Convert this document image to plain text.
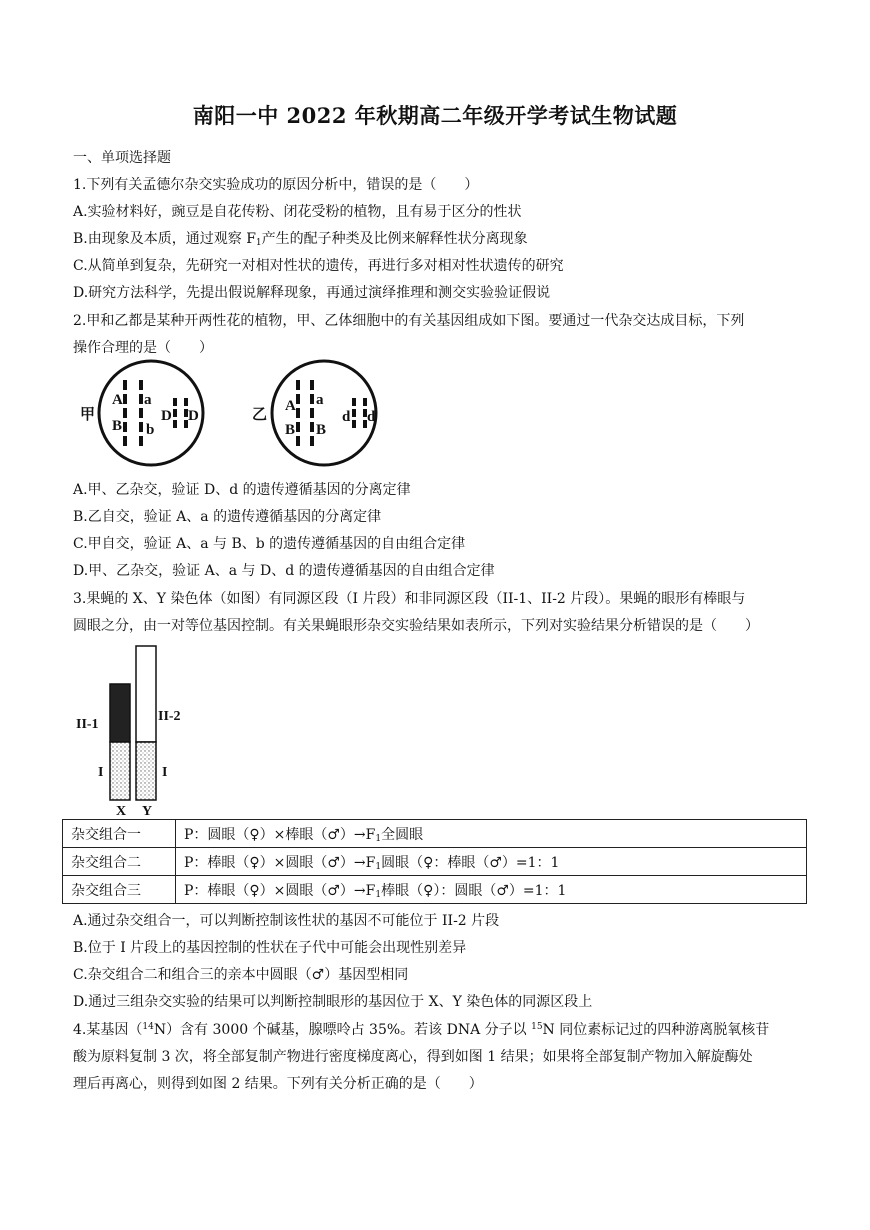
南阳一中 2022 年秋期高二年级开学考试生物试题
一、单项选择题
1.下列有关孟德尔杂交实验成功的原因分析中，错误的是（　　）
A.实验材料好，豌豆是自花传粉、闭花受粉的植物，且有易于区分的性状
B.由现象及本质，通过观察 $F_1$产生的配子种类及比例来解释性状分离现象
C.从简单到复杂，先研究一对相对性状的遗传，再进行多对相对性状遗传的研究
D.研究方法科学，先提出假说解释现象，再通过演绎推理和测交实验验证假说
2.甲和乙都是某种开两性花的植物，甲、乙体细胞中的有关基因组成如下图。要通过一代杂交达成目标，下列
操作合理的是（　　）
甲
A a
B b
D D	乙
A a
B B
d d
A.甲、乙杂交，验证 D、d 的遗传遵循基因的分离定律
B.乙自交，验证 A、a 的遗传遵循基因的分离定律
C.甲自交，验证 A、a 与 B、b 的遗传遵循基因的自由组合定律
D.甲、乙杂交，验证 A、a 与 D、d 的遗传遵循基因的自由组合定律
3.果蝇的 X、Y 染色体（如图）有同源区段（I 片段）和非同源区段（II-1、II-2 片段）。果蝇的眼形有棒眼与
圆眼之分，由一对等位基因控制。有关果蝇眼形杂交实验结果如表所示，下列对实验结果分析错误的是（　　）
II-1
II-2
I	I
X Y
杂交组合一	P：圆眼（♀）×棒眼$(♂)\to F_1$全圆眼
杂交组合二	P：棒眼（♀）×圆眼$(♂)\to F_1$圆眼（♀：棒眼（♂）=1：1
杂交组合三	P：棒眼（♀）×圆眼$(♂)\to F_1$棒眼（♀）：圆眼（♂）=1：1
A.通过杂交组合一，可以判断控制该性状的基因不可能位于 II-2 片段
B.位于 I 片段上的基因控制的性状在子代中可能会出现性别差异
C.杂交组合二和组合三的亲本中圆眼（♂）基因型相同
D.通过三组杂交实验的结果可以判断控制眼形的基因位于 X、Y 染色体的同源区段上
4.某基因（$^{14}$N）含有 3000 个碱基，腺嘌呤占 35%。若该 DNA 分子以 $^{15}$N 同位素标记过的四种游离脱氧核苷
酸为原料复制 3 次，将全部复制产物进行密度梯度离心，得到如图 1 结果；如果将全部复制产物加入解旋酶处
理后再离心，则得到如图 2 结果。下列有关分析正确的是（　　）
